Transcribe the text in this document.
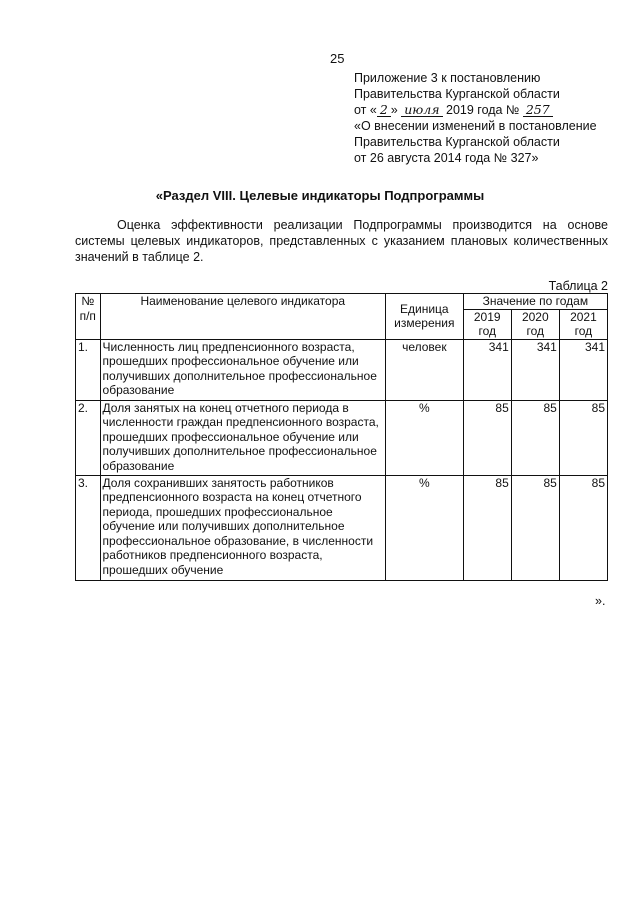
25
Приложение 3 к постановлению
Правительства Курганской области
от « 2 » июля 2019 года № 257
«О внесении изменений в постановление
Правительства Курганской области
от 26 августа 2014 года № 327»
«Раздел VIII. Целевые индикаторы Подпрограммы
Оценка эффективности реализации Подпрограммы производится на основе системы целевых индикаторов, представленных с указанием плановых количественных значений в таблице 2.
Таблица 2
№ п/п	Наименование целевого индикатора	Единица измерения	Значение по годам		
			2019 год	2020 год	2021 год
1.	Численность лиц предпенсионного возраста, прошедших профессиональное обучение или получивших дополнительное профессиональное образование	человек	341	341	341
2.	Доля занятых на конец отчетного периода в численности граждан предпенсионного возраста, прошедших профессиональное обучение или получивших дополнительное профессиональное образование	%	85	85	85
3.	Доля сохранивших занятость работников предпенсионного возраста на конец отчетного периода, прошедших профессиональное обучение или получивших дополнительное профессиональное образование, в численности работников предпенсионного возраста, прошедших обучение	%	85	85	85
».
